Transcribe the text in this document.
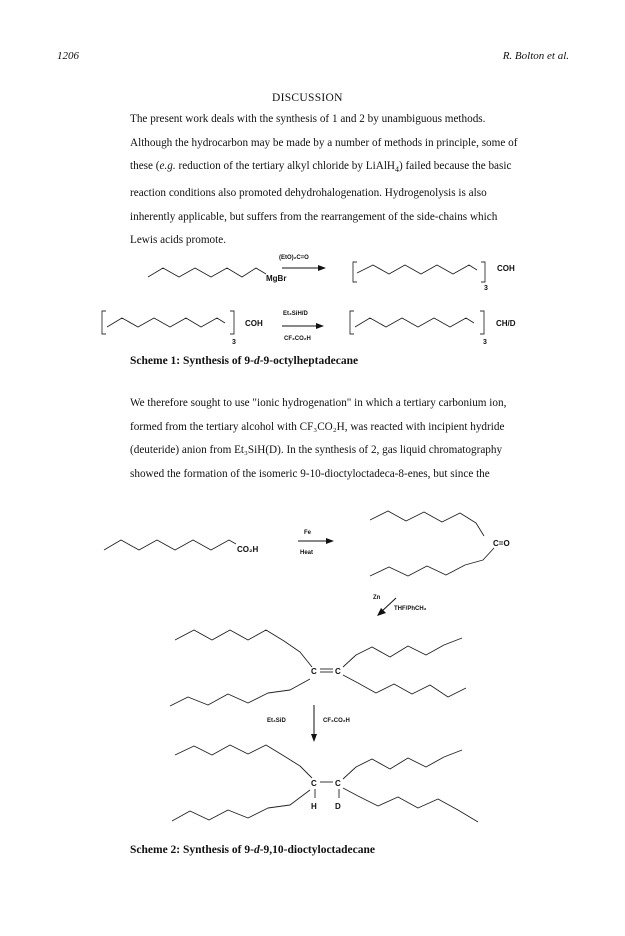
1206	R. Bolton et al.
DISCUSSION
The present work deals with the synthesis of 1 and 2 by unambiguous methods.
Although the hydrocarbon may be made by a number of methods in principle, some of
these (e.g. reduction of the tertiary alkyl chloride by LiAlH$_4$) failed because the basic
reaction conditions also promoted dehydrohalogenation. Hydrogenolysis is also
inherently applicable, but suffers from the rearrangement of the side-chains which
Lewis acids promote.
MgBr
(EtO)₂C=O
COH
3
COH
3
Et₃SiH/D
CF₃CO₂H
CH/D
3
CO₂H
Fe
Heat
C=O
Zn
THF/PhCH₃
C C
Et₃SiD	CF₃CO₂H
C C
H D
Scheme 1: Synthesis of 9-d-9-octylheptadecane
We therefore sought to use "ionic hydrogenation" in which a tertiary carbonium ion,
formed from the tertiary alcohol with CF₃CO₂H, was reacted with incipient hydride
(deuteride) anion from Et₃SiH(D). In the synthesis of 2, gas liquid chromatography
showed the formation of the isomeric 9-10-dioctyloctadeca-8-enes, but since the
Scheme 2: Synthesis of 9-d-9,10-dioctyloctadecane
